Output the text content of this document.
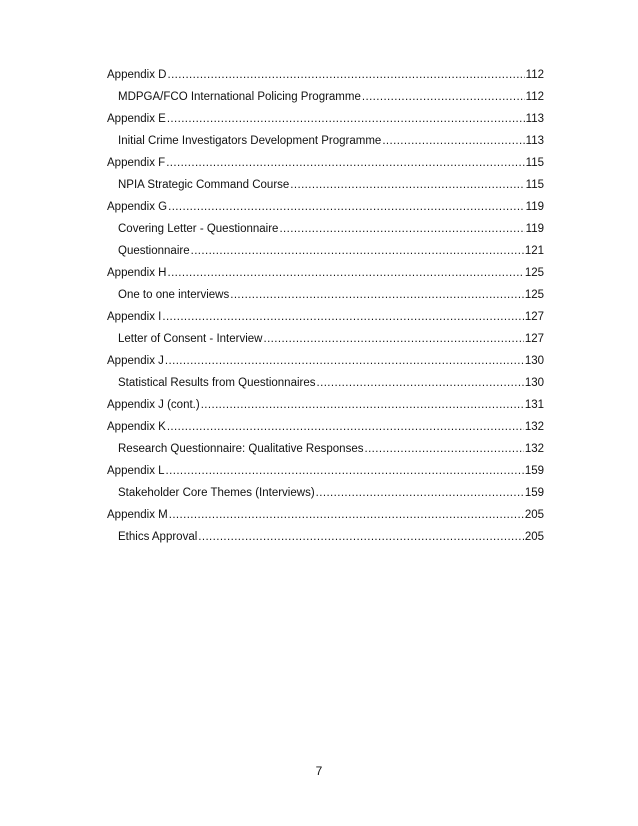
Appendix D .....	112
MDPGA/FCO International Policing Programme .....	112
Appendix E .....	113
Initial Crime Investigators Development Programme .....	113
Appendix F .....	115
NPIA Strategic Command Course .....	115
Appendix G .....	119
Covering Letter - Questionnaire .....	119
Questionnaire .....	121
Appendix H .....	125
One to one interviews .....	125
Appendix I .....	127
Letter of Consent - Interview .....	127
Appendix J .....	130
Statistical Results from Questionnaires .....	130
Appendix J (cont.) .....	131
Appendix K .....	132
Research Questionnaire: Qualitative Responses .....	132
Appendix L .....	159
Stakeholder Core Themes (Interviews) .....	159
Appendix M .....	205
Ethics Approval .....	205
7
